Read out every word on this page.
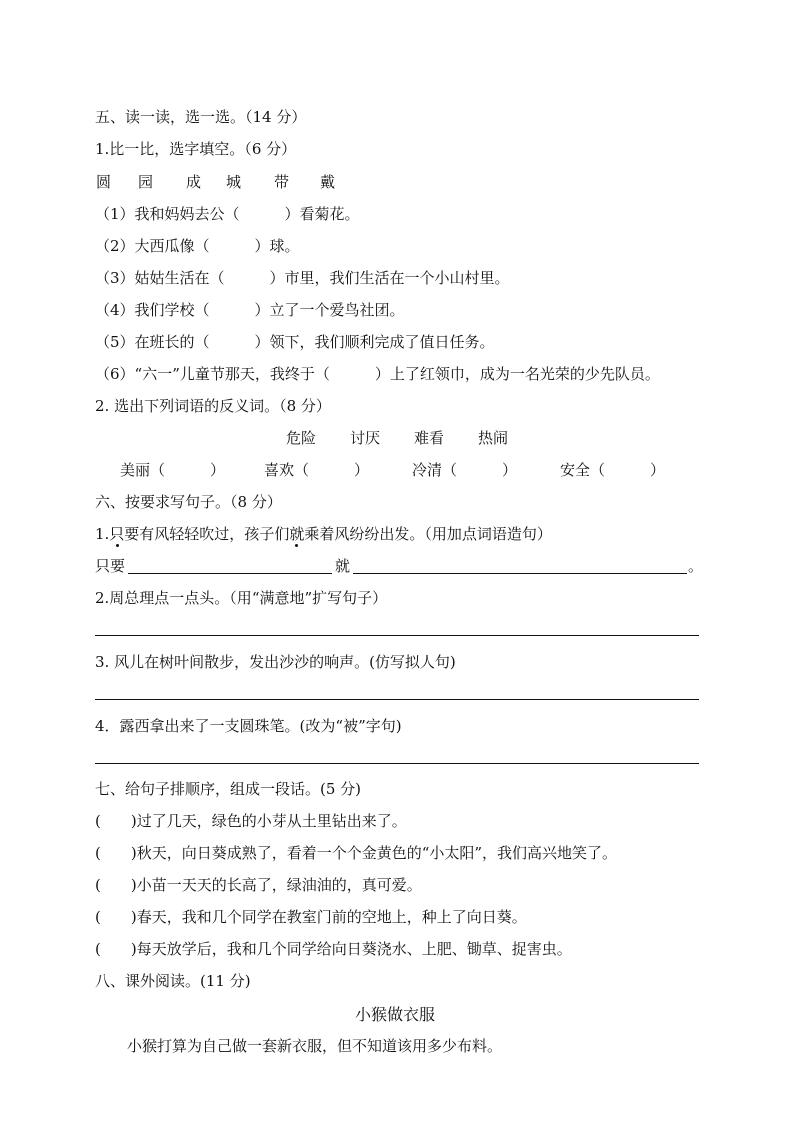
五、读一读，选一选。（14 分）
1.比一比，选字填空。（6 分）
圆 园 成 城 带 戴
（1）我和妈妈去公（　　　）看菊花。
（2）大西瓜像（　　　）球。
（3）姑姑生活在（　　　）市里，我们生活在一个小山村里。
（4）我们学校（　　　）立了一个爱鸟社团。
（5）在班长的（　　　）领下，我们顺利完成了值日任务。
（6）“六一”儿童节那天，我终于（　　　）上了红领巾，成为一名光荣的少先队员。
2. 选出下列词语的反义词。（8 分）
危险 讨厌 难看 热闹
美丽（　　　）	喜欢（　　　）	冷清（　　　）	安全（　　　）
六、按要求写句子。（8 分）
1.只要有风轻轻吹过，孩子们就
乘着风纷纷出发。（用加点词语造句）
只要	就	。
2.周总理点一点头。（用“满意地”扩写句子）
3. 风儿在树叶间散步，发出沙沙的响声。(仿写拟人句)
4．露西拿出来了一支圆珠笔。(改为“被”字句)
七、给句子排顺序，组成一段话。(5 分)
(　　)过了几天，绿色的小芽从土里钻出来了。
(　　)秋天，向日葵成熟了，看着一个个金黄色的“小太阳”，我们高兴地笑了。
(　　)小苗一天天的长高了，绿油油的，真可爱。
(　　)春天，我和几个同学在教室门前的空地上，种上了向日葵。
(　　)每天放学后，我和几个同学给向日葵浇水、上肥、锄草、捉害虫。
八、课外阅读。(11 分)
小猴做衣服
小猴打算为自己做一套新衣服，但不知道该用多少布料。
